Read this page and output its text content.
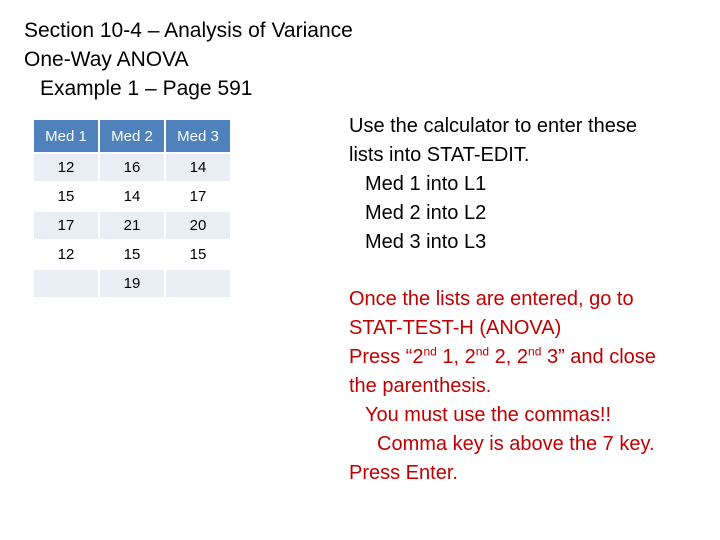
Section 10-4 – Analysis of Variance
One-Way ANOVA
Example 1 – Page 591
Med 1	Med 2	Med 3
12	16	14
15	14	17
17	21	20
12	15	15
	19	
Use the calculator to enter these
lists into STAT-EDIT.
Med 1 into L1
Med 2 into L2
Med 3 into L3
Once the lists are entered, go to
STAT-TEST-H (ANOVA)
Press “2nd 1, 2nd 2, 2nd 3” and close
the parenthesis.
You must use the commas!!
Comma key is above the 7 key.
Press Enter.
